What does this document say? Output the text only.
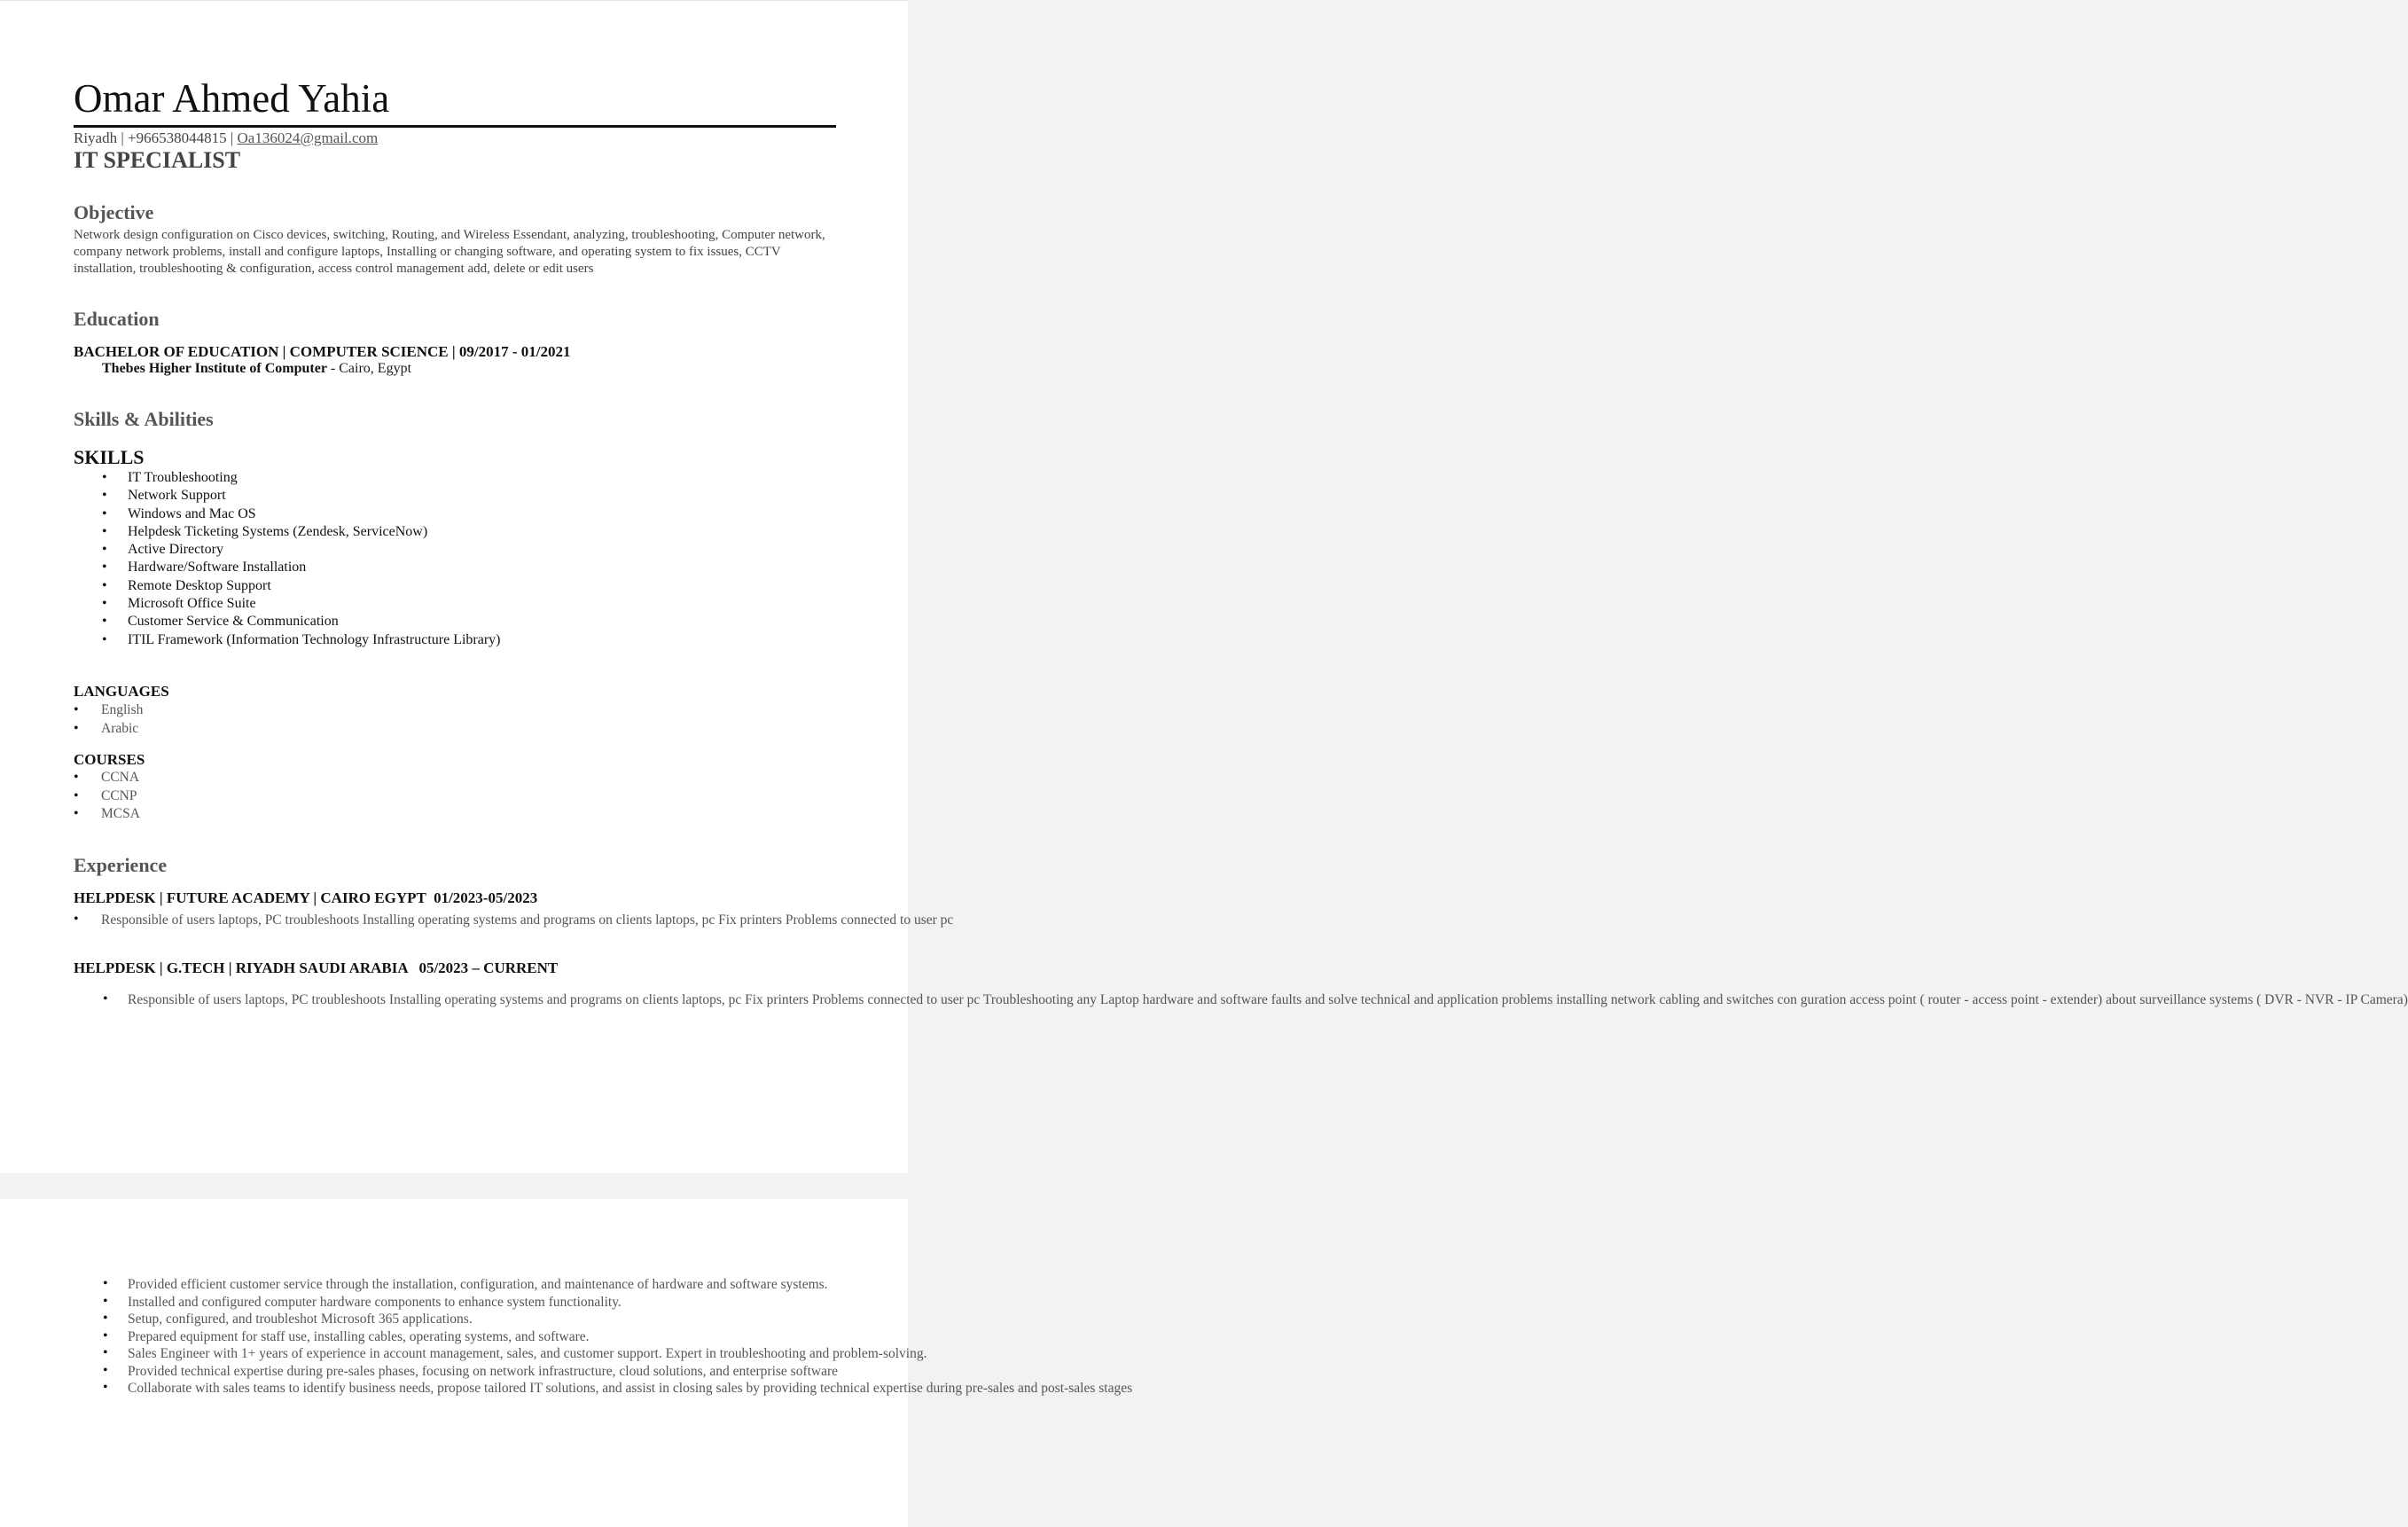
Omar Ahmed Yahia
Riyadh | +966538044815 | Oa136024@gmail.com
IT SPECIALIST
Objective
Network design configuration on Cisco devices, switching, Routing, and Wireless Essendant, analyzing, troubleshooting, Computer network, company network problems, install and configure laptops, Installing or changing software, and operating system to fix issues, CCTV installation, troubleshooting & configuration, access control management add, delete or edit users
Education
BACHELOR OF EDUCATION | COMPUTER SCIENCE | 09/2017 - 01/2021
Thebes Higher Institute of Computer - Cairo, Egypt
Skills & Abilities
SKILLS
• IT Troubleshooting
• Network Support
• Windows and Mac OS
• Helpdesk Ticketing Systems (Zendesk, ServiceNow)
• Active Directory
• Hardware/Software Installation
• Remote Desktop Support
• Microsoft Office Suite
• Customer Service & Communication
• ITIL Framework (Information Technology Infrastructure Library)
LANGUAGES
• English
• Arabic
COURSES
• CCNA
• CCNP
• MCSA
Experience
HELPDESK | FUTURE ACADEMY | CAIRO EGYPT  01/2023-05/2023
• Responsible of users laptops, PC troubleshoots Installing operating systems and programs on clients laptops, pc Fix printers Problems connected to user pc
HELPDESK | G.TECH | RIYADH SAUDI ARABIA   05/2023 – CURRENT
• Responsible of users laptops, PC troubleshoots Installing operating systems and programs on clients laptops, pc Fix printers Problems connected to user pc Troubleshooting any Laptop hardware and software faults and solve technical and application problems installing network cabling and switches con guration access point ( router - access point - extender) about surveillance systems ( DVR - NVR - IP Camera)
• Provided efficient customer service through the installation, configuration, and maintenance of hardware and software systems.
• Installed and configured computer hardware components to enhance system functionality.
• Setup, configured, and troubleshot Microsoft 365 applications.
• Prepared equipment for staff use, installing cables, operating systems, and software.
• Sales Engineer with 1+ years of experience in account management, sales, and customer support. Expert in troubleshooting and problem-solving.
• Provided technical expertise during pre-sales phases, focusing on network infrastructure, cloud solutions, and enterprise software
• Collaborate with sales teams to identify business needs, propose tailored IT solutions, and assist in closing sales by providing technical expertise during pre-sales and post-sales stages
